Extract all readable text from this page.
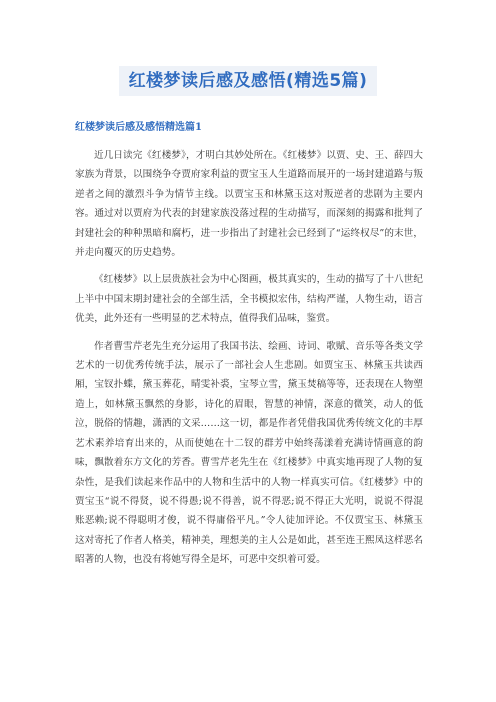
红楼梦读后感及感悟(精选5篇)
红楼梦读后感及感悟精选篇1

近几日读完《红楼梦》，才明白其妙处所在。《红楼梦》以贾、史、王、薛四大家族为背景，以围绕争夺贾府家利益的贾宝玉人生道路而展开的一场封建道路与叛逆者之间的激烈斗争为情节主线。以贾宝玉和林黛玉这对叛逆者的悲剧为主要内容。通过对以贾府为代表的封建家族没落过程的生动描写，而深刻的揭露和批判了封建社会的种种黑暗和腐朽，进一步指出了封建社会已经到了“运终权尽”的末世，并走向覆灭的历史趋势。

《红楼梦》以上层贵族社会为中心图画，极其真实的，生动的描写了十八世纪上半中中国末期封建社会的全部生活，全书模拟宏伟，结构严谨，人物生动，语言优美，此外还有一些明显的艺术特点，值得我们品味，鉴赏。

作者曹雪芹老先生充分运用了我国书法、绘画、诗词、歌赋、音乐等各类文学艺术的一切优秀传统手法，展示了一部社会人生悲剧。如贾宝玉、林黛玉共读西厢，宝钗扑蝶，黛玉葬花，晴雯补裘，宝琴立雪，黛玉焚稿等等，还表现在人物塑造上，如林黛玉飘然的身影，诗化的眉眼，智慧的神情，深意的微笑，动人的低泣，脱俗的情趣，潇洒的文采……这一切，都是作者凭借我国优秀传统文化的丰厚艺术素养培育出来的，从而使她在十二钗的群芳中始终荡漾着充满诗情画意的韵味，飘散着东方文化的芳香。曹雪芹老先生在《红楼梦》中真实地再现了人物的复杂性，是我们读起来作品中的人物和生活中的人物一样真实可信。《红楼梦》中的贾宝玉“说不得贤，说不得愚;说不得善，说不得恶;说不得正大光明，说说不得混账恶赖;说不得聪明才俊，说不得庸俗平凡。”令人徒加评论。不仅贾宝玉、林黛玉这对寄托了作者人格美，精神美，理想美的主人公是如此，甚至连王熙凤这样恶名昭著的人物，也没有将她写得全是坏，可恶中交织着可爱。
